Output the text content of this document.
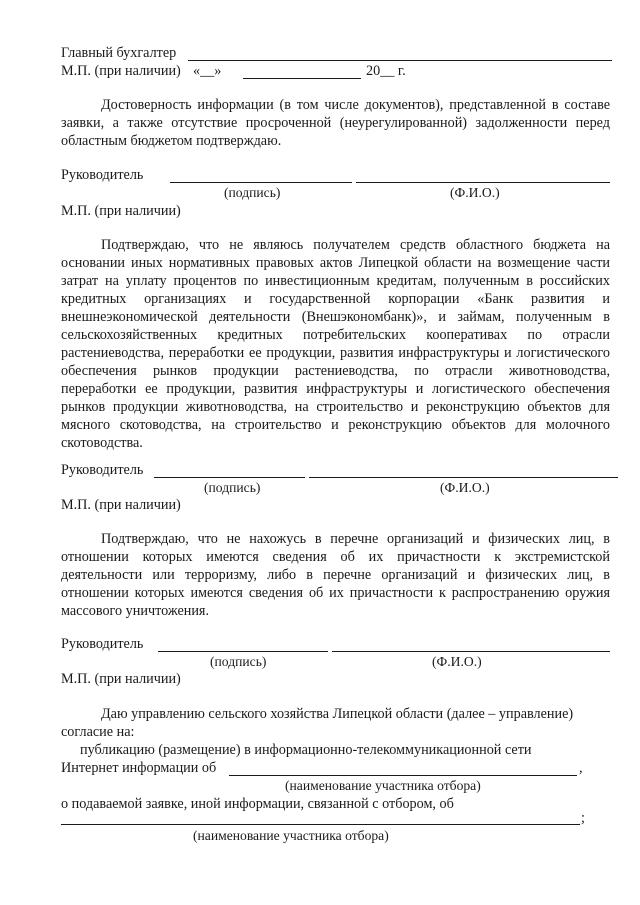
Главный бухгалтер
М.П. (при наличии) «__»	20__ г.

Достоверность информации (в том числе документов), представленной в составе заявки, а также отсутствие просроченной (неурегулированной) задолженности перед областным бюджетом подтверждаю.

Руководитель
(подпись)	(Ф.И.О.)
М.П. (при наличии)

Подтверждаю, что не являюсь получателем средств областного бюджета на основании иных нормативных правовых актов Липецкой области на возмещение части затрат на уплату процентов по инвестиционным кредитам, полученным в российских кредитных организациях и государственной корпорации «Банк развития и внешнеэкономической деятельности (Внешэкономбанк)», и займам, полученным в сельскохозяйственных кредитных потребительских кооперативах по отрасли растениеводства, переработки ее продукции, развития инфраструктуры и логистического обеспечения рынков продукции растениеводства, по отрасли животноводства, переработки ее продукции, развития инфраструктуры и логистического обеспечения рынков продукции животноводства, на строительство и реконструкцию объектов для мясного скотоводства, на строительство и реконструкцию объектов для молочного скотоводства.

Руководитель
(подпись)	(Ф.И.О.)
М.П. (при наличии)

Подтверждаю, что не нахожусь в перечне организаций и физических лиц, в отношении которых имеются сведения об их причастности к экстремистской деятельности или терроризму, либо в перечне организаций и физических лиц, в отношении которых имеются сведения об их причастности к распространению оружия массового уничтожения.

Руководитель
(подпись)	(Ф.И.О.)
М.П. (при наличии)
Даю управлению сельского хозяйства Липецкой области (далее – управление)
согласие на:
публикацию (размещение) в информационно-телекоммуникационной сети
Интернет информации об	,
(наименование участника отбора)
о подаваемой заявке, иной информации, связанной с отбором, об
;
(наименование участника отбора)
